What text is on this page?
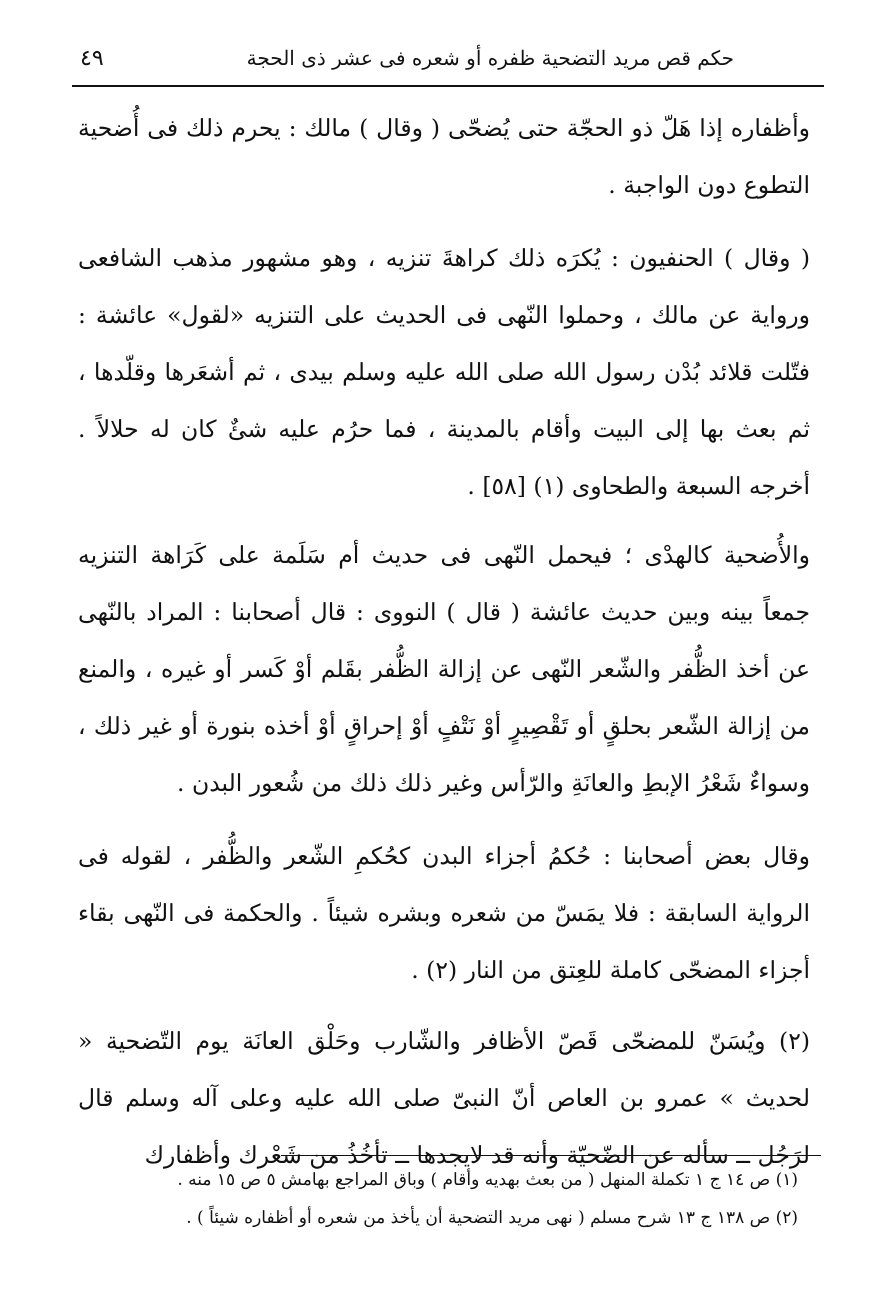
حكم قص مريد التضحية ظفره أو شعره فى عشر ذى الحجة
٤٩

وأظفاره إذا هَلّ ذو الحجّة حتى يُضحّى ( وقال ) مالك : يحرم ذلك فى أُضحية التطوع دون الواجبة .

( وقال ) الحنفيون : يُكرَه ذلك كراهةَ تنزيه ، وهو مشهور مذهب الشافعى ورواية عن مالك ، وحملوا النّهى فى الحديث على التنزيه «لقول» عائشة : فتّلت قلائد بُدْن رسول الله صلى الله عليه وسلم بيدى ، ثم أشعَرها وقلّدها ، ثم بعث بها إلى البيت وأقام بالمدينة ، فما حرُم عليه شئٌ كان له حلالاً . أخرجه السبعة والطحاوى (١) [٥٨] .

والأُضحية كالهدْى ؛ فيحمل النّهى فى حديث أم سَلَمة على كَرَاهة التنزيه جمعاً بينه وبين حديث عائشة ( قال ) النووى : قال أصحابنا : المراد بالنّهى عن أخذ الظُّفر والشّعر النّهى عن إزالة الظُّفر بقَلم أوْ كَسر أو غيره ، والمنع من إزالة الشّعر بحلقٍ أو تَقْصِيرٍ أوْ نَتْفٍ أوْ إحراقٍ أوْ أخذه بنورة أو غير ذلك ، وسواءٌ شَعْرُ الإبطِ والعانَةِ والرّأس وغير ذلك ذلك من شُعور البدن .

وقال بعض أصحابنا : حُكمُ أجزاء البدن كحُكمِ الشّعر والظُّفر ، لقوله فى الرواية السابقة : فلا يمَسّ من شعره وبشره شيئاً . والحكمة فى النّهى بقاء أجزاء المضحّى كاملة للعِتق من النار (٢) .

(٢) ويُسَنّ للمضحّى قَصّ الأظافر والشّارب وحَلْق العانَة يوم التّضحية « لحديث » عمرو بن العاص أنّ النبىّ صلى الله عليه وعلى آله وسلم قال لرَجُل ــ سأله عن الضّحيّة وأنه قد لايجدها ــ تأخُذُ من شَعْرك وأظفارك

(١) ص ١٤ ج ١ تكملة المنهل ( من بعث بهديه وأقام ) وباق المراجع بهامش ٥ ص ١٥ منه .

(٢) ص ١٣٨ ج ١٣ شرح مسلم ( نهى مريد التضحية أن يأخذ من شعره أو أظفاره شيئاً ) .
